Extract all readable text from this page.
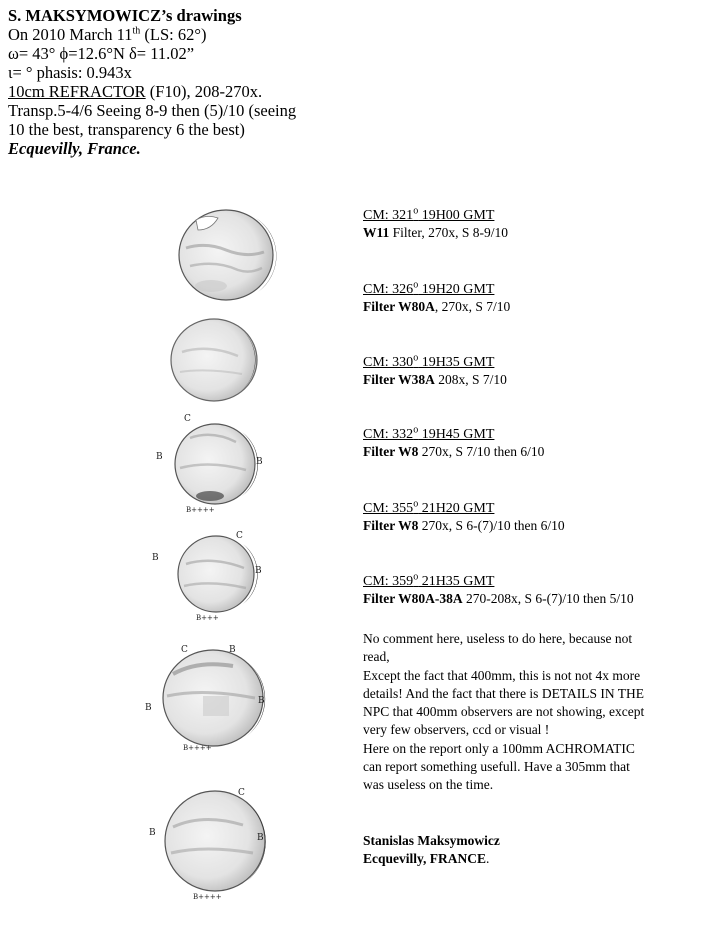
S. MAKSYMOWICZ’s drawings
On 2010 March 11th (LS: 62°)
ω= 43° ϕ=12.6°N δ= 11.02”
ι= ° phasis: 0.943x
10cm REFRACTOR (F10), 208-270x.
Transp.5-4/6 Seeing 8-9 then (5)/10 (seeing 10 the best, transparency 6 the best)
Ecquevilly, France.
CM: 321$^o$ 19H00 GMT
W11 Filter, 270x, S 8-9/10
CM: 326$^o$ 19H20 GMT
Filter W80A, 270x, S 7/10
CM: 330$^o$ 19H35 GMT
Filter W38A 208x, S 7/10
CM: 332$^o$ 19H45 GMT
Filter W8 270x, S 7/10 then 6/10
CM: 355$^o$ 21H20 GMT
Filter W8 270x, S 6-(7)/10 then 6/10
CM: 359$^o$ 21H35 GMT
Filter W80A-38A 270-208x, S 6-(7)/10 then 5/10
No comment here, useless to do here, because not
read,
Except the fact that 400mm, this is not not 4x more
details! And the fact that there is DETAILS IN THE
NPC that 400mm observers are not showing, except
very few observers, ccd or visual !
Here on the report only a 100mm ACHROMATIC
can report something usefull. Have a 305mm that
was useless on the time.
Stanislas Maksymowicz
Ecquevilly, FRANCE.
C
B	B
B++++
C
B
B
B+++
C	B
B
B
B++++
C
B	B
B++++
